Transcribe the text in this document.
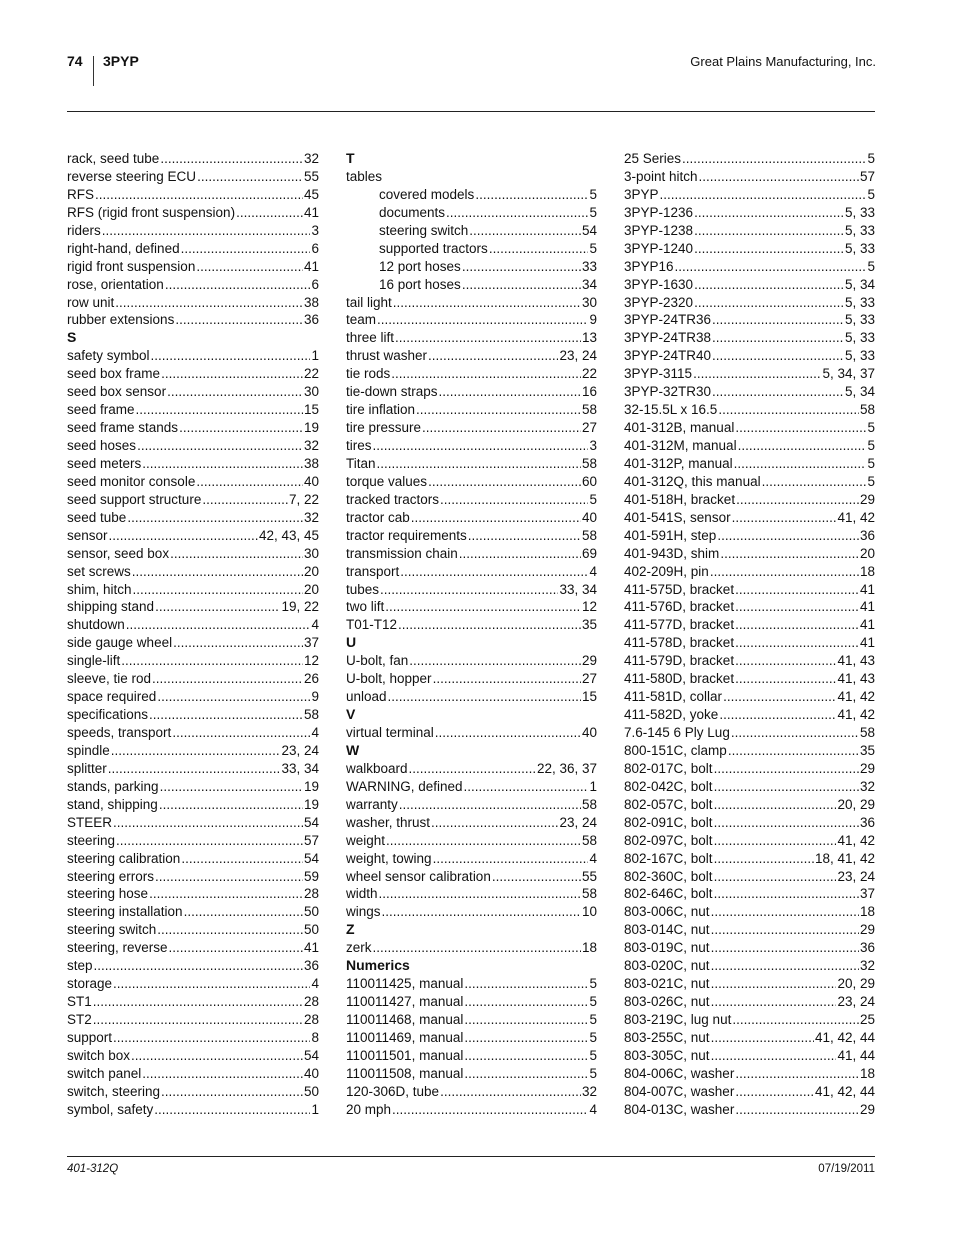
74 3PYP	Great Plains Manufacturing, Inc.
rack, seed tube .....	32
reverse steering ECU .....	55
RFS .....	45
RFS (rigid front suspension) .....	41
riders .....	3
right-hand, defined .....	6
rigid front suspension .....	41
rose, orientation .....	6
row unit .....	38
rubber extensions .....	36
S
safety symbol .....	1
seed box frame .....	22
seed box sensor .....	30
seed frame .....	15
seed frame stands .....	19
seed hoses .....	32
seed meters .....	38
seed monitor console .....	40
seed support structure .....	7, 22
seed tube .....	32
sensor .....	42, 43, 45
sensor, seed box .....	30
set screws .....	20
shim, hitch .....	20
shipping stand .....	19, 22
shutdown .....	4
side gauge wheel .....	37
single-lift .....	12
sleeve, tie rod .....	26
space required .....	9
specifications .....	58
speeds, transport .....	4
spindle .....	23, 24
splitter .....	33, 34
stands, parking .....	19
stand, shipping .....	19
STEER .....	54
steering .....	57
steering calibration .....	54
steering errors .....	59
steering hose .....	28
steering installation .....	50
steering switch .....	50
steering, reverse .....	41
step .....	36
storage .....	4
ST1 .....	28
ST2 .....	28
support .....	8
switch box .....	54
switch panel .....	40
switch, steering .....	50
symbol, safety .....	1
T
tables
covered models .....	5
documents .....	5
steering switch .....	54
supported tractors .....	5
12 port hoses .....	33
16 port hoses .....	34
tail light .....	30
team .....	9
three lift .....	13
thrust washer .....	23, 24
tie rods .....	22
tie-down straps .....	16
tire inflation .....	58
tire pressure .....	27
tires .....	3
Titan .....	58
torque values .....	60
tracked tractors .....	5
tractor cab .....	40
tractor requirements .....	58
transmission chain .....	69
transport .....	4
tubes .....	33, 34
two lift .....	12
T01-T12 .....	35
U
U-bolt, fan .....	29
U-bolt, hopper .....	27
unload .....	15
V
virtual terminal .....	40
W
walkboard .....	22, 36, 37
WARNING, defined .....	1
warranty .....	58
washer, thrust .....	23, 24
weight .....	58
weight, towing .....	4
wheel sensor calibration .....	55
width .....	58
wings .....	10
Z
zerk .....	18
Numerics
110011425, manual .....	5
110011427, manual .....	5
110011468, manual .....	5
110011469, manual .....	5
110011501, manual .....	5
110011508, manual .....	5
120-306D, tube .....	32
20 mph .....	4
25 Series .....	5
3-point hitch .....	57
3PYP .....	5
3PYP-1236 .....	5, 33
3PYP-1238 .....	5, 33
3PYP-1240 .....	5, 33
3PYP16 .....	5
3PYP-1630 .....	5, 34
3PYP-2320 .....	5, 33
3PYP-24TR36 .....	5, 33
3PYP-24TR38 .....	5, 33
3PYP-24TR40 .....	5, 33
3PYP-3115 .....	5, 34, 37
3PYP-32TR30 .....	5, 34
32-15.5L x 16.5 .....	58
401-312B, manual .....	5
401-312M, manual .....	5
401-312P, manual .....	5
401-312Q, this manual .....	5
401-518H, bracket .....	29
401-541S, sensor .....	41, 42
401-591H, step .....	36
401-943D, shim .....	20
402-209H, pin .....	18
411-575D, bracket .....	41
411-576D, bracket .....	41
411-577D, bracket .....	41
411-578D, bracket .....	41
411-579D, bracket .....	41, 43
411-580D, bracket .....	41, 43
411-581D, collar .....	41, 42
411-582D, yoke .....	41, 42
7.6-145 6 Ply Lug .....	58
800-151C, clamp .....	35
802-017C, bolt .....	29
802-042C, bolt .....	32
802-057C, bolt .....	20, 29
802-091C, bolt .....	36
802-097C, bolt .....	41, 42
802-167C, bolt .....	18, 41, 42
802-360C, bolt .....	23, 24
802-646C, bolt .....	37
803-006C, nut .....	18
803-014C, nut .....	29
803-019C, nut .....	36
803-020C, nut .....	32
803-021C, nut .....	20, 29
803-026C, nut .....	23, 24
803-219C, lug nut .....	25
803-255C, nut .....	41, 42, 44
803-305C, nut .....	41, 44
804-006C, washer .....	18
804-007C, washer .....	41, 42, 44
804-013C, washer .....	29
401-312Q	07/19/2011
